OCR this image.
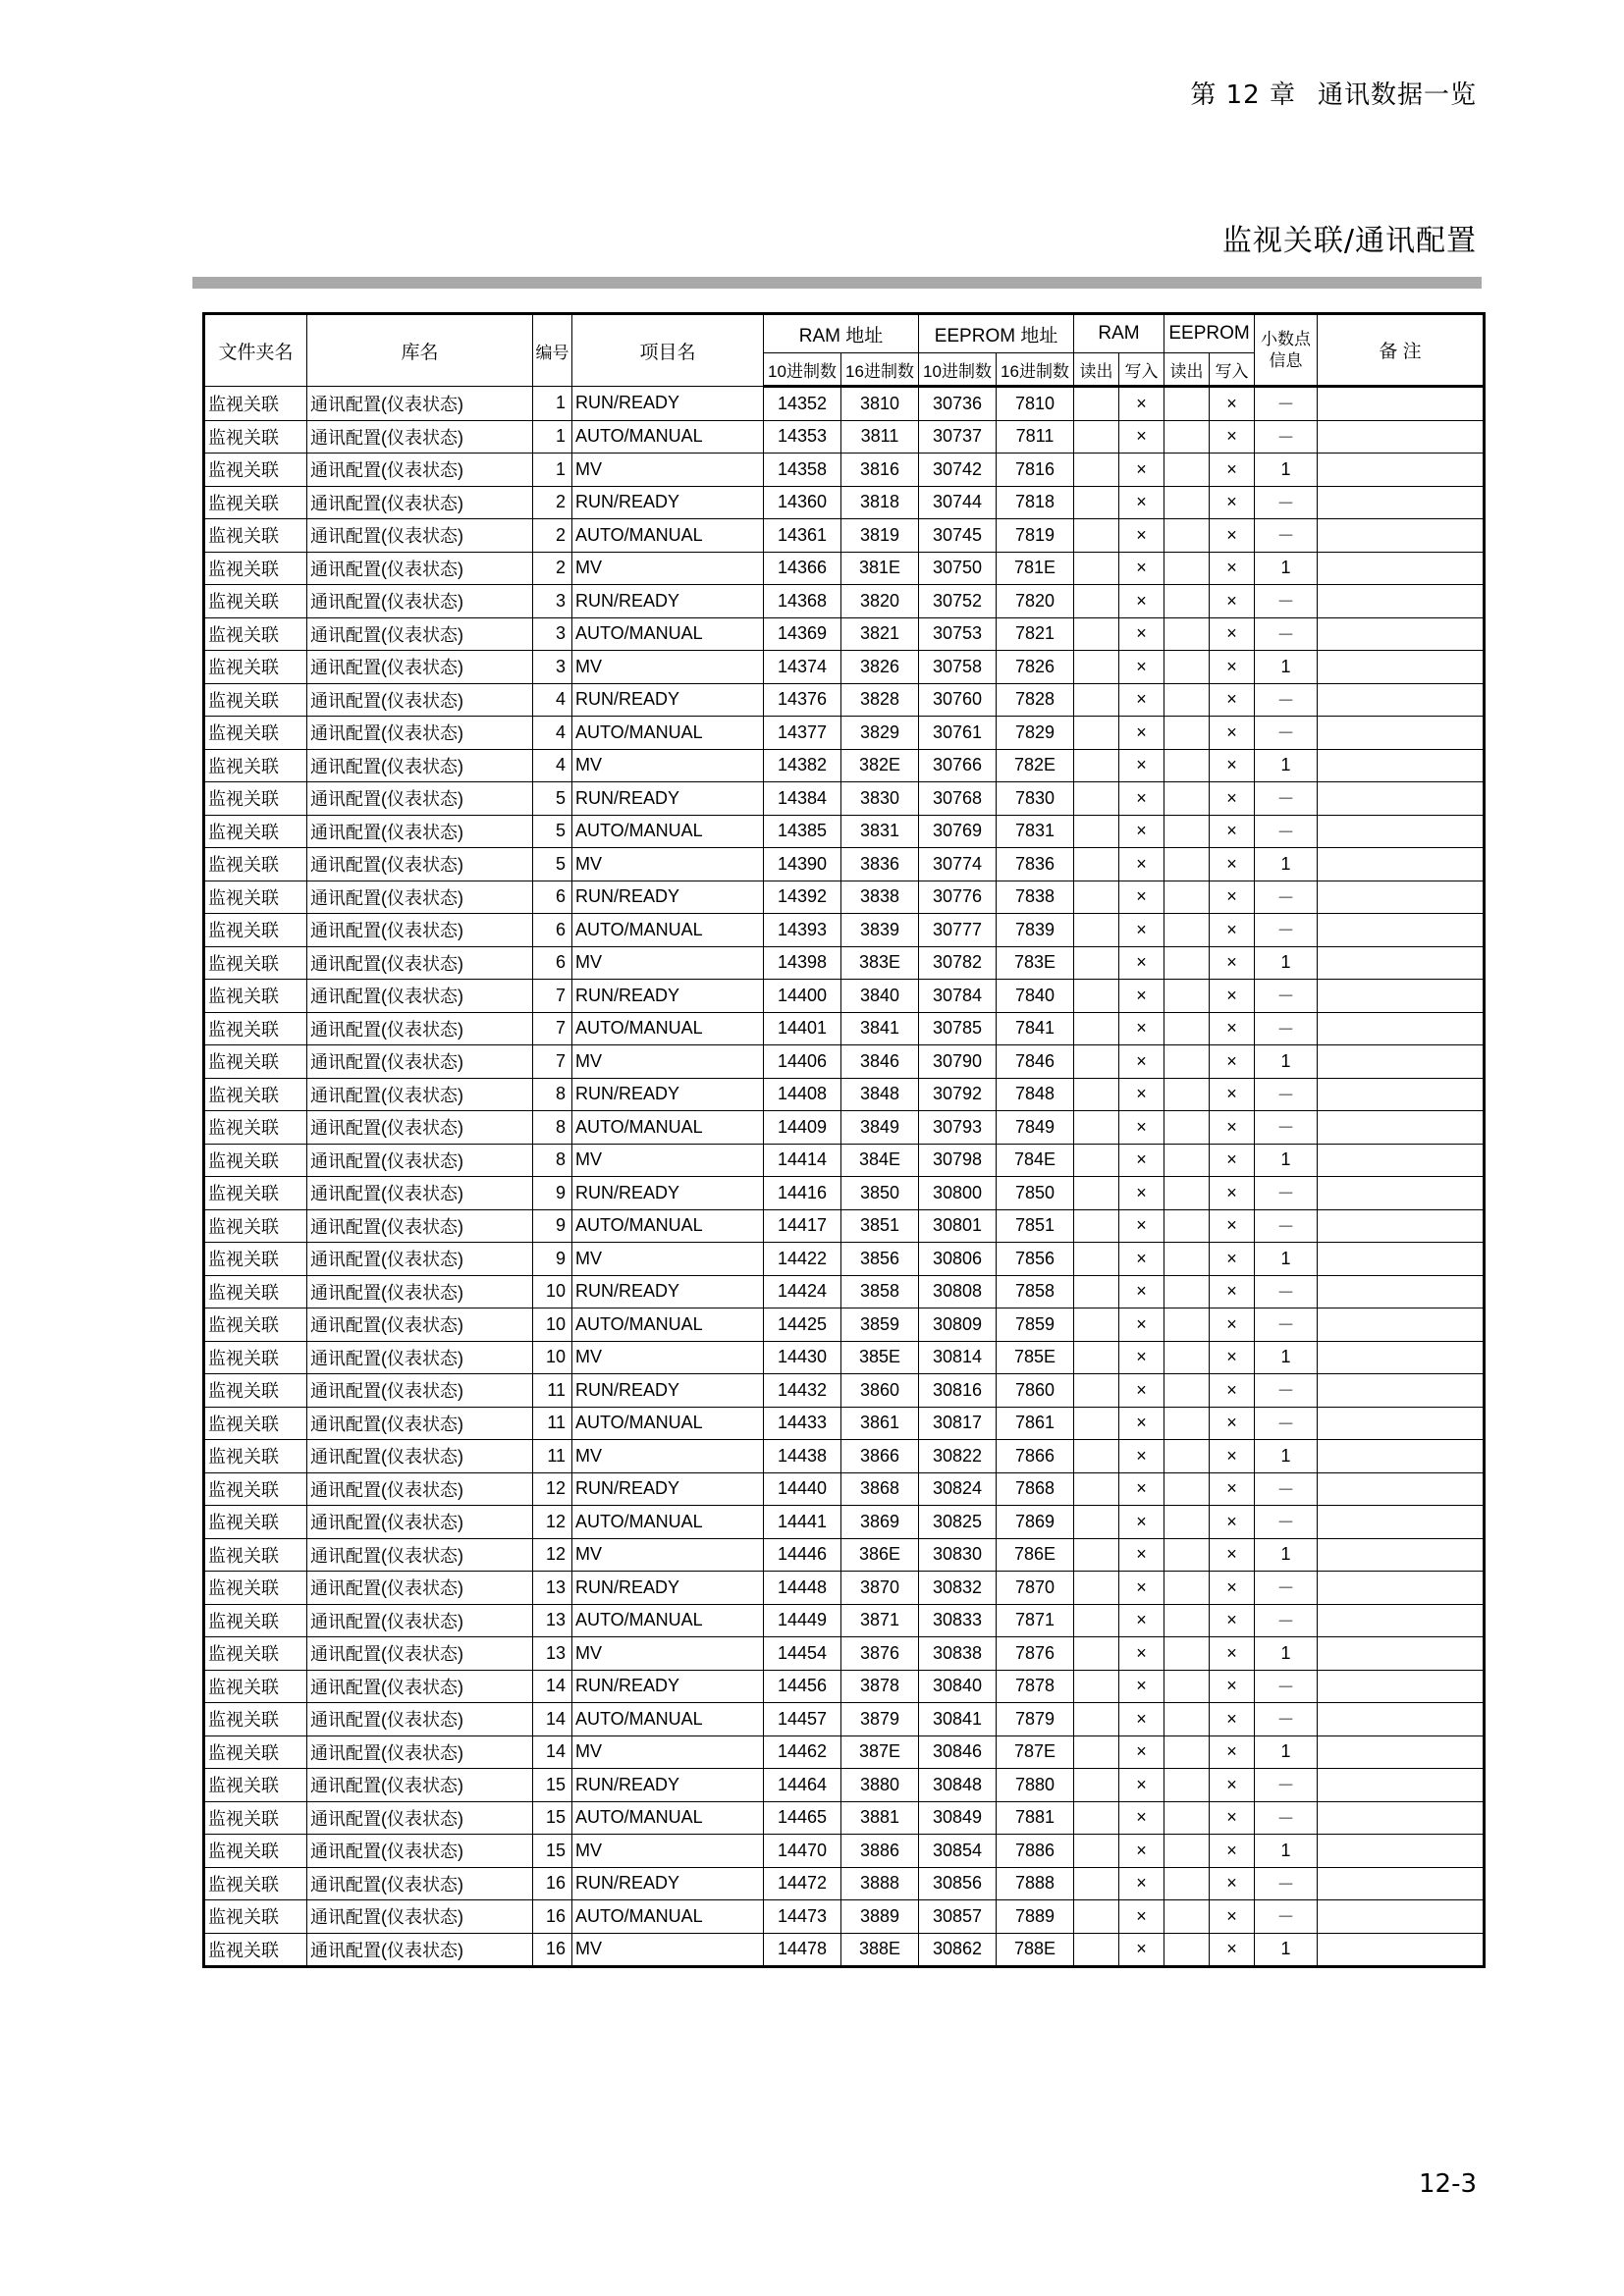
第 12 章 通讯数据一览
监视关联/通讯配置
文件夹名	库名	编号	项目名	RAM 地址		EEPROM 地址		RAM		EEPROM		小数点信息	备 注
				10进制数	16进制数	10进制数	16进制数	读出	写入	读出	写入		
监视关联	通讯配置(仪表状态)	1	RUN/READY	14352	3810	30736	7810		×		×	－	
监视关联	通讯配置(仪表状态)	1	AUTO/MANUAL	14353	3811	30737	7811		×		×	－	
监视关联	通讯配置(仪表状态)	1	MV	14358	3816	30742	7816		×		×	1	
监视关联	通讯配置(仪表状态)	2	RUN/READY	14360	3818	30744	7818		×		×	－	
监视关联	通讯配置(仪表状态)	2	AUTO/MANUAL	14361	3819	30745	7819		×		×	－	
监视关联	通讯配置(仪表状态)	2	MV	14366	381E	30750	781E		×		×	1	
监视关联	通讯配置(仪表状态)	3	RUN/READY	14368	3820	30752	7820		×		×	－	
监视关联	通讯配置(仪表状态)	3	AUTO/MANUAL	14369	3821	30753	7821		×		×	－	
监视关联	通讯配置(仪表状态)	3	MV	14374	3826	30758	7826		×		×	1	
监视关联	通讯配置(仪表状态)	4	RUN/READY	14376	3828	30760	7828		×		×	－	
监视关联	通讯配置(仪表状态)	4	AUTO/MANUAL	14377	3829	30761	7829		×		×	－	
监视关联	通讯配置(仪表状态)	4	MV	14382	382E	30766	782E		×		×	1	
监视关联	通讯配置(仪表状态)	5	RUN/READY	14384	3830	30768	7830		×		×	－	
监视关联	通讯配置(仪表状态)	5	AUTO/MANUAL	14385	3831	30769	7831		×		×	－	
监视关联	通讯配置(仪表状态)	5	MV	14390	3836	30774	7836		×		×	1	
监视关联	通讯配置(仪表状态)	6	RUN/READY	14392	3838	30776	7838		×		×	－	
监视关联	通讯配置(仪表状态)	6	AUTO/MANUAL	14393	3839	30777	7839		×		×	－	
监视关联	通讯配置(仪表状态)	6	MV	14398	383E	30782	783E		×		×	1	
监视关联	通讯配置(仪表状态)	7	RUN/READY	14400	3840	30784	7840		×		×	－	
监视关联	通讯配置(仪表状态)	7	AUTO/MANUAL	14401	3841	30785	7841		×		×	－	
监视关联	通讯配置(仪表状态)	7	MV	14406	3846	30790	7846		×		×	1	
监视关联	通讯配置(仪表状态)	8	RUN/READY	14408	3848	30792	7848		×		×	－	
监视关联	通讯配置(仪表状态)	8	AUTO/MANUAL	14409	3849	30793	7849		×		×	－	
监视关联	通讯配置(仪表状态)	8	MV	14414	384E	30798	784E		×		×	1	
监视关联	通讯配置(仪表状态)	9	RUN/READY	14416	3850	30800	7850		×		×	－	
监视关联	通讯配置(仪表状态)	9	AUTO/MANUAL	14417	3851	30801	7851		×		×	－	
监视关联	通讯配置(仪表状态)	9	MV	14422	3856	30806	7856		×		×	1	
监视关联	通讯配置(仪表状态)	10	RUN/READY	14424	3858	30808	7858		×		×	－	
监视关联	通讯配置(仪表状态)	10	AUTO/MANUAL	14425	3859	30809	7859		×		×	－	
监视关联	通讯配置(仪表状态)	10	MV	14430	385E	30814	785E		×		×	1	
监视关联	通讯配置(仪表状态)	11	RUN/READY	14432	3860	30816	7860		×		×	－	
监视关联	通讯配置(仪表状态)	11	AUTO/MANUAL	14433	3861	30817	7861		×		×	－	
监视关联	通讯配置(仪表状态)	11	MV	14438	3866	30822	7866		×		×	1	
监视关联	通讯配置(仪表状态)	12	RUN/READY	14440	3868	30824	7868		×		×	－	
监视关联	通讯配置(仪表状态)	12	AUTO/MANUAL	14441	3869	30825	7869		×		×	－	
监视关联	通讯配置(仪表状态)	12	MV	14446	386E	30830	786E		×		×	1	
监视关联	通讯配置(仪表状态)	13	RUN/READY	14448	3870	30832	7870		×		×	－	
监视关联	通讯配置(仪表状态)	13	AUTO/MANUAL	14449	3871	30833	7871		×		×	－	
监视关联	通讯配置(仪表状态)	13	MV	14454	3876	30838	7876		×		×	1	
监视关联	通讯配置(仪表状态)	14	RUN/READY	14456	3878	30840	7878		×		×	－	
监视关联	通讯配置(仪表状态)	14	AUTO/MANUAL	14457	3879	30841	7879		×		×	－	
监视关联	通讯配置(仪表状态)	14	MV	14462	387E	30846	787E		×		×	1	
监视关联	通讯配置(仪表状态)	15	RUN/READY	14464	3880	30848	7880		×		×	－	
监视关联	通讯配置(仪表状态)	15	AUTO/MANUAL	14465	3881	30849	7881		×		×	－	
监视关联	通讯配置(仪表状态)	15	MV	14470	3886	30854	7886		×		×	1	
监视关联	通讯配置(仪表状态)	16	RUN/READY	14472	3888	30856	7888		×		×	－	
监视关联	通讯配置(仪表状态)	16	AUTO/MANUAL	14473	3889	30857	7889		×		×	－	
监视关联	通讯配置(仪表状态)	16	MV	14478	388E	30862	788E		×		×	1	
12-3
